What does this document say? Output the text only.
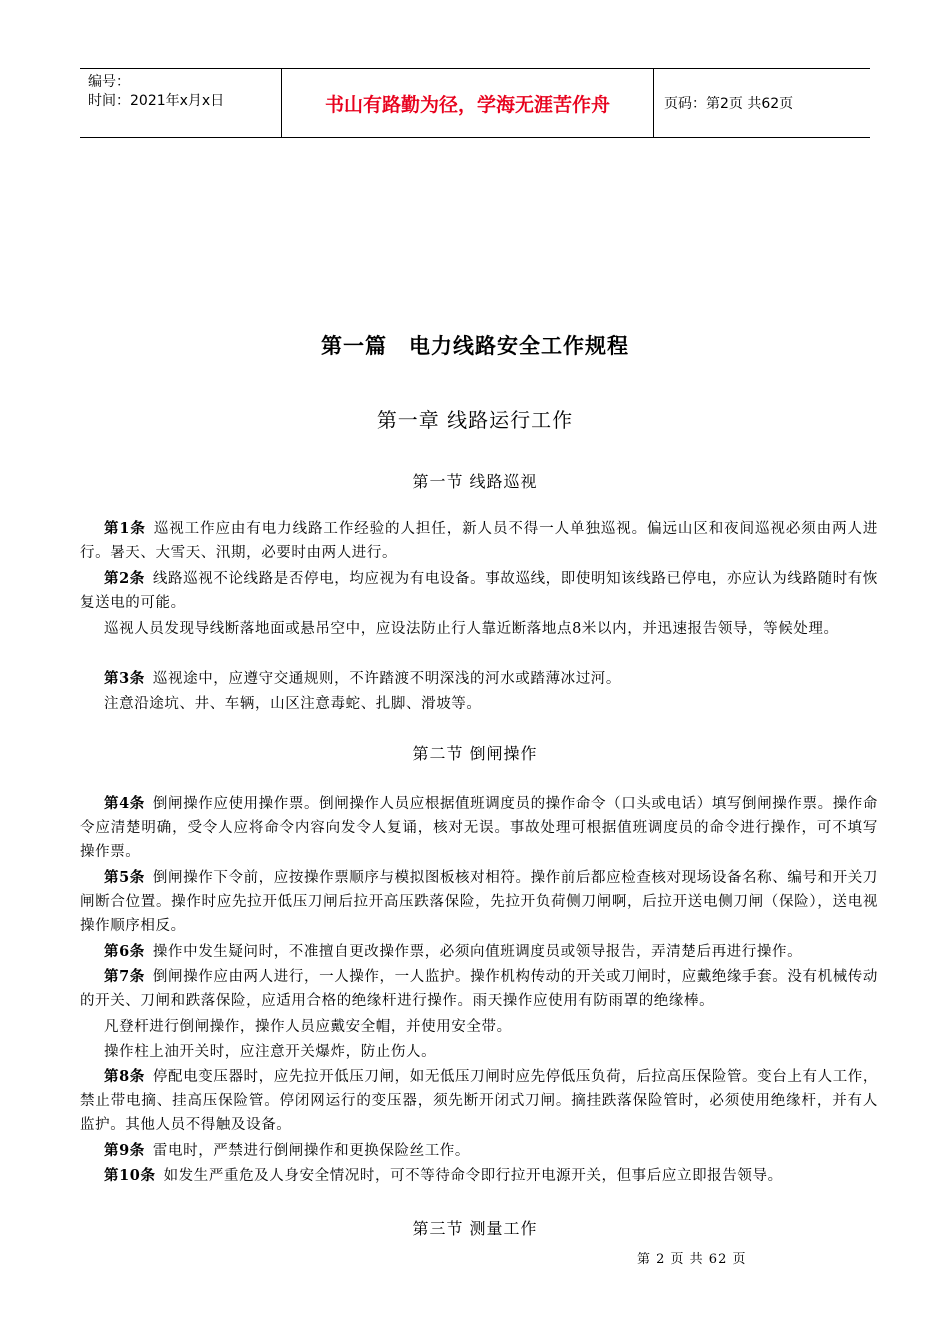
编号：
时间：2021年x月x日	书山有路勤为径，学海无涯苦作舟	页码：第2页 共62页
第一篇　电力线路安全工作规程
第一章 线路运行工作
第一节 线路巡视
第1条 巡视工作应由有电力线路工作经验的人担任，新人员不得一人单独巡视。偏远山区和夜间巡视必须由两人进行。暑天、大雪天、汛期，必要时由两人进行。
第2条 线路巡视不论线路是否停电，均应视为有电设备。事故巡线，即使明知该线路已停电，亦应认为线路随时有恢复送电的可能。
巡视人员发现导线断落地面或悬吊空中，应设法防止行人靠近断落地点8米以内，并迅速报告领导，等候处理。
第3条 巡视途中，应遵守交通规则，不许踏渡不明深浅的河水或踏薄冰过河。
注意沿途坑、井、车辆，山区注意毒蛇、扎脚、滑坡等。
第二节 倒闸操作
第4条 倒闸操作应使用操作票。倒闸操作人员应根据值班调度员的操作命令（口头或电话）填写倒闸操作票。操作命令应清楚明确，受令人应将命令内容向发令人复诵，核对无误。事故处理可根据值班调度员的命令进行操作，可不填写操作票。
第5条 倒闸操作下令前，应按操作票顺序与模拟图板核对相符。操作前后都应检查核对现场设备名称、编号和开关刀闸断合位置。操作时应先拉开低压刀闸后拉开高压跌落保险，先拉开负荷侧刀闸啊，后拉开送电侧刀闸（保险），送电视操作顺序相反。
第6条 操作中发生疑问时，不准擅自更改操作票，必须向值班调度员或领导报告，弄清楚后再进行操作。
第7条 倒闸操作应由两人进行，一人操作，一人监护。操作机构传动的开关或刀闸时，应戴绝缘手套。没有机械传动的开关、刀闸和跌落保险，应适用合格的绝缘杆进行操作。雨天操作应使用有防雨罩的绝缘棒。
凡登杆进行倒闸操作，操作人员应戴安全帽，并使用安全带。
操作柱上油开关时，应注意开关爆炸，防止伤人。
第8条 停配电变压器时，应先拉开低压刀闸，如无低压刀闸时应先停低压负荷，后拉高压保险管。变台上有人工作，禁止带电摘、挂高压保险管。停闭网运行的变压器，须先断开闭式刀闸。摘挂跌落保险管时，必须使用绝缘杆，并有人监护。其他人员不得触及设备。
第9条 雷电时，严禁进行倒闸操作和更换保险丝工作。
第10条 如发生严重危及人身安全情况时，可不等待命令即行拉开电源开关，但事后应立即报告领导。
第三节 测量工作
第 2 页 共 62 页
